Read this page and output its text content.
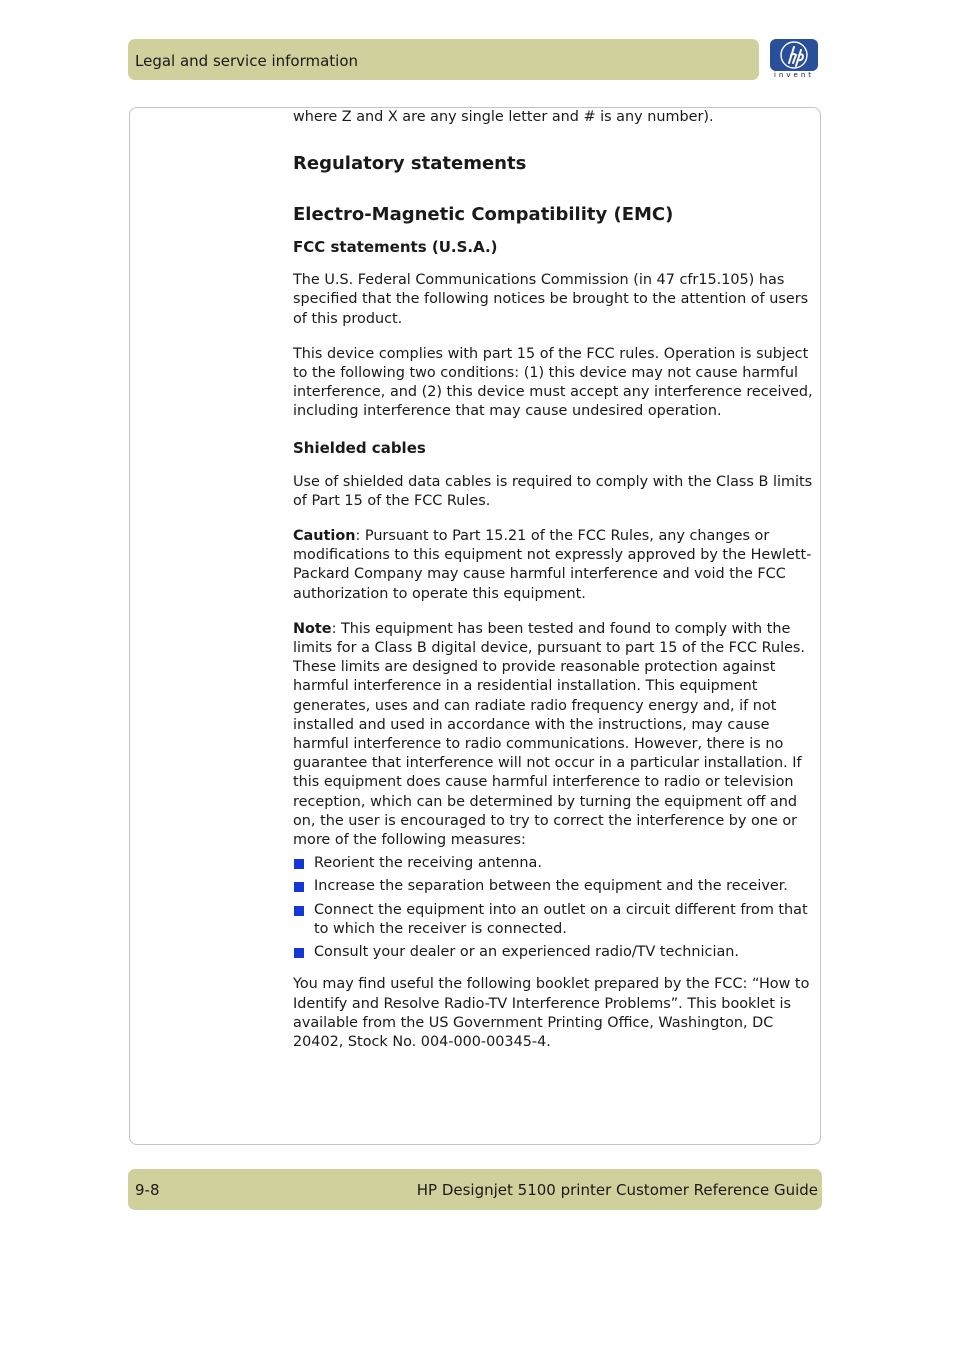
Legal and service information
invent

where Z and X are any single letter and # is any number).

Regulatory statements

Electro-Magnetic Compatibility (EMC)

FCC statements (U.S.A.)

The U.S. Federal Communications Commission (in 47 cfr15.105) has specified that the following notices be brought to the attention of users of this product.

This device complies with part 15 of the FCC rules. Operation is subject to the following two conditions: (1) this device may not cause harmful interference, and (2) this device must accept any interference received, including interference that may cause undesired operation.

Shielded cables

Use of shielded data cables is required to comply with the Class B limits of Part 15 of the FCC Rules.

Caution: Pursuant to Part 15.21 of the FCC Rules, any changes or modifications to this equipment not expressly approved by the Hewlett-Packard Company may cause harmful interference and void the FCC authorization to operate this equipment.

Note: This equipment has been tested and found to comply with the limits for a Class B digital device, pursuant to part 15 of the FCC Rules. These limits are designed to provide reasonable protection against harmful interference in a residential installation. This equipment generates, uses and can radiate radio frequency energy and, if not installed and used in accordance with the instructions, may cause harmful interference to radio communications. However, there is no guarantee that interference will not occur in a particular installation. If this equipment does cause harmful interference to radio or television reception, which can be determined by turning the equipment off and on, the user is encouraged to try to correct the interference by one or more of the following measures:

Reorient the receiving antenna.
Increase the separation between the equipment and the receiver.
Connect the equipment into an outlet on a circuit different from that to which the receiver is connected.
Consult your dealer or an experienced radio/TV technician.

You may find useful the following booklet prepared by the FCC: “How to Identify and Resolve Radio-TV Interference Problems”. This booklet is available from the US Government Printing Office, Washington, DC 20402, Stock No. 004-000-00345-4.

9-8	HP Designjet 5100 printer Customer Reference Guide
